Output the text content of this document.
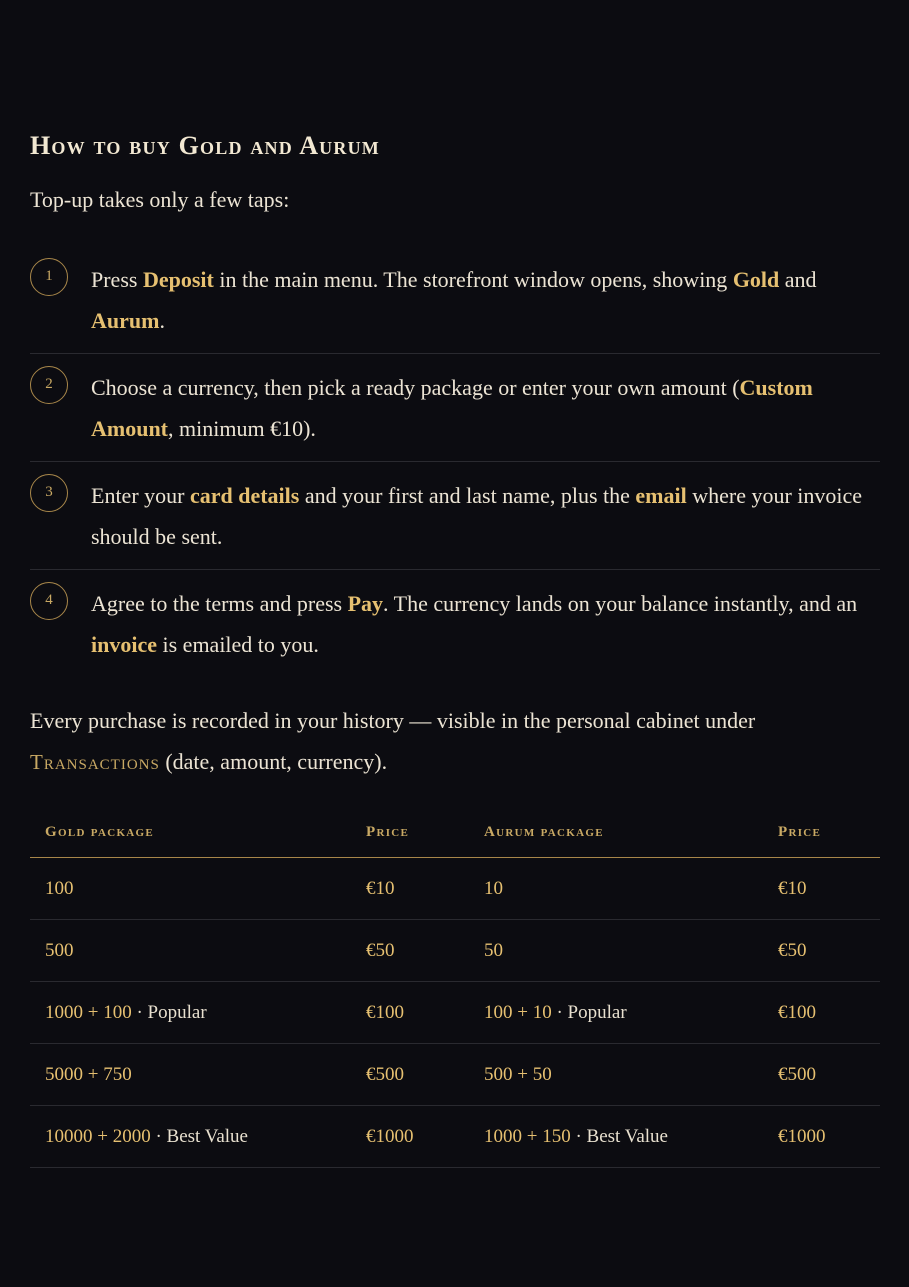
How to buy Gold and Aurum

Top-up takes only a few taps:

1	Press Deposit in the main menu. The storefront window opens, showing Gold and Aurum.
2	Choose a currency, then pick a ready package or enter your own amount (Custom Amount, minimum €10).
3	Enter your card details and your first and last name, plus the email where your invoice should be sent.
4	Agree to the terms and press Pay. The currency lands on your balance instantly, and an invoice is emailed to you.

Every purchase is recorded in your history — visible in the personal cabinet under Transactions (date, amount, currency).

Gold package	Price	Aurum package	Price
100	€10	10	€10
500	€50	50	€50
1000 + 100 · Popular	€100	100 + 10 · Popular	€100
5000 + 750	€500	500 + 50	€500
10000 + 2000 · Best Value	€1000	1000 + 150 · Best Value	€1000
